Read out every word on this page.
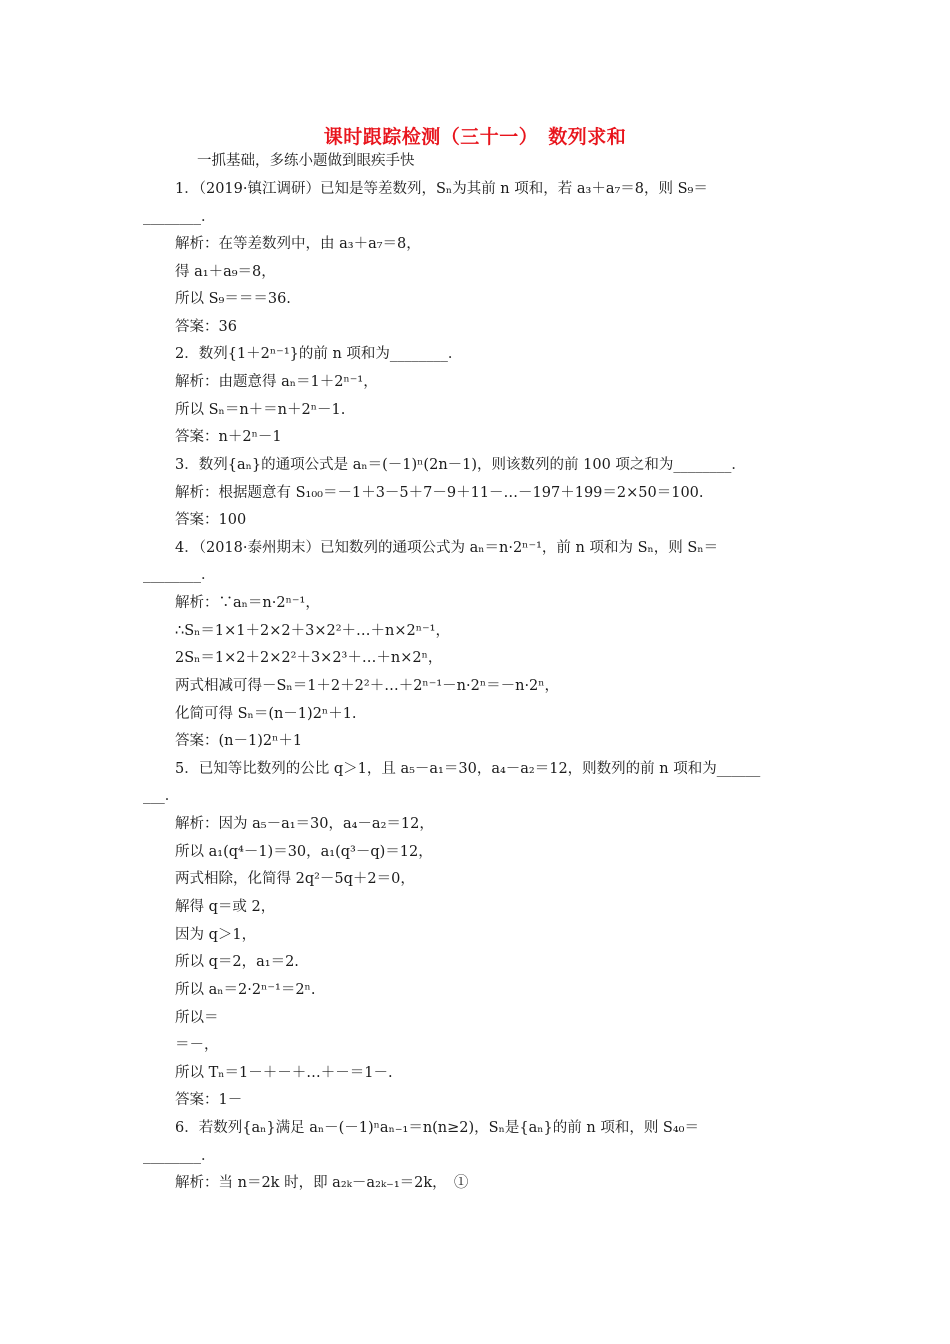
课时跟踪检测（三十一）　数列求和
一抓基础，多练小题做到眼疾手快
1．（2019·镇江调研）已知是等差数列，Sₙ为其前 n 项和，若 a₃＋a₇＝8，则 S₉＝
________．
解析：在等差数列中，由 a₃＋a₇＝8，
得 a₁＋a₉＝8，
所以 S₉＝＝＝36.
答案：36
2．数列{1＋2ⁿ⁻¹}的前 n 项和为________．
解析：由题意得 aₙ＝1＋2ⁿ⁻¹，
所以 Sₙ＝n＋＝n＋2ⁿ－1.
答案：n＋2ⁿ－1
3．数列{aₙ}的通项公式是 aₙ＝(－1)ⁿ(2n－1)，则该数列的前 100 项之和为________．
解析：根据题意有 S₁₀₀＝－1＋3－5＋7－9＋11－…－197＋199＝2×50＝100.
答案：100
4．（2018·泰州期末）已知数列的通项公式为 aₙ＝n·2ⁿ⁻¹，前 n 项和为 Sₙ，则 Sₙ＝
________．
解析：∵aₙ＝n·2ⁿ⁻¹，
∴Sₙ＝1×1＋2×2＋3×2²＋…＋n×2ⁿ⁻¹，
2Sₙ＝1×2＋2×2²＋3×2³＋…＋n×2ⁿ，
两式相减可得－Sₙ＝1＋2＋2²＋…＋2ⁿ⁻¹－n·2ⁿ＝－n·2ⁿ，
化简可得 Sₙ＝(n－1)2ⁿ＋1.
答案：(n－1)2ⁿ＋1
5．已知等比数列的公比 q＞1，且 a₅－a₁＝30，a₄－a₂＝12，则数列的前 n 项和为______
___．
解析：因为 a₅－a₁＝30，a₄－a₂＝12，
所以 a₁(q⁴－1)＝30，a₁(q³－q)＝12，
两式相除，化简得 2q²－5q＋2＝0，
解得 q＝或 2，
因为 q＞1，
所以 q＝2，a₁＝2.
所以 aₙ＝2·2ⁿ⁻¹＝2ⁿ.
所以＝
＝－，
所以 Tₙ＝1－＋－＋…＋－＝1－.
答案：1－
6．若数列{aₙ}满足 aₙ－(－1)ⁿaₙ₋₁＝n(n≥2)，Sₙ是{aₙ}的前 n 项和，则 S₄₀＝
________．
解析：当 n＝2k 时，即 a₂ₖ－a₂ₖ₋₁＝2k，　①
